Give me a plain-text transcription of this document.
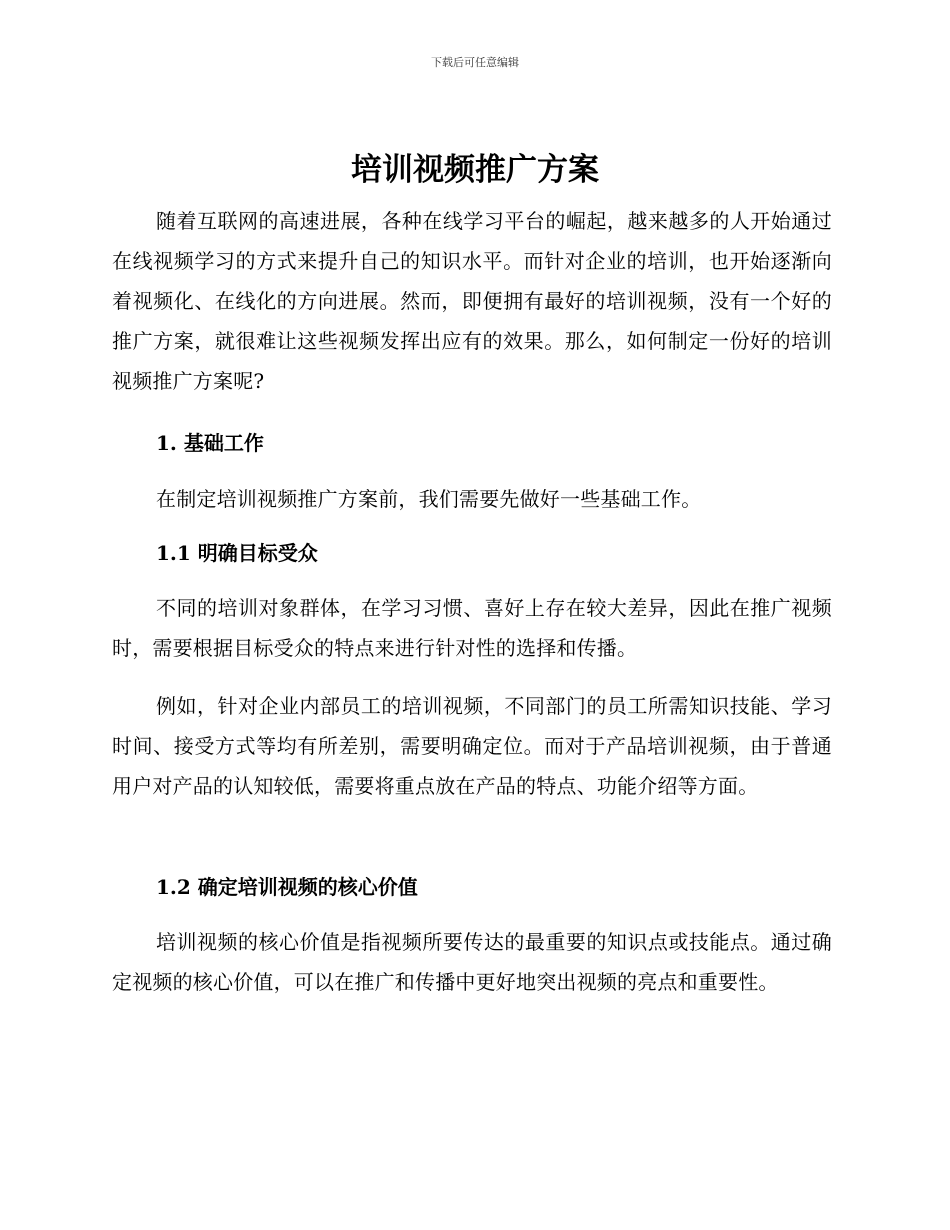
下载后可任意编辑
培训视频推广方案

随着互联网的高速进展，各种在线学习平台的崛起，越来越多的人开始通过在线视频学习的方式来提升自己的知识水平。而针对企业的培训，也开始逐渐向着视频化、在线化的方向进展。然而，即便拥有最好的培训视频，没有一个好的推广方案，就很难让这些视频发挥出应有的效果。那么，如何制定一份好的培训视频推广方案呢?

1. 基础工作

在制定培训视频推广方案前，我们需要先做好一些基础工作。

1.1 明确目标受众

不同的培训对象群体，在学习习惯、喜好上存在较大差异，因此在推广视频时，需要根据目标受众的特点来进行针对性的选择和传播。

例如，针对企业内部员工的培训视频，不同部门的员工所需知识技能、学习时间、接受方式等均有所差别，需要明确定位。而对于产品培训视频，由于普通用户对产品的认知较低，需要将重点放在产品的特点、功能介绍等方面。

1.2 确定培训视频的核心价值

培训视频的核心价值是指视频所要传达的最重要的知识点或技能点。通过确定视频的核心价值，可以在推广和传播中更好地突出视频的亮点和重要性。
